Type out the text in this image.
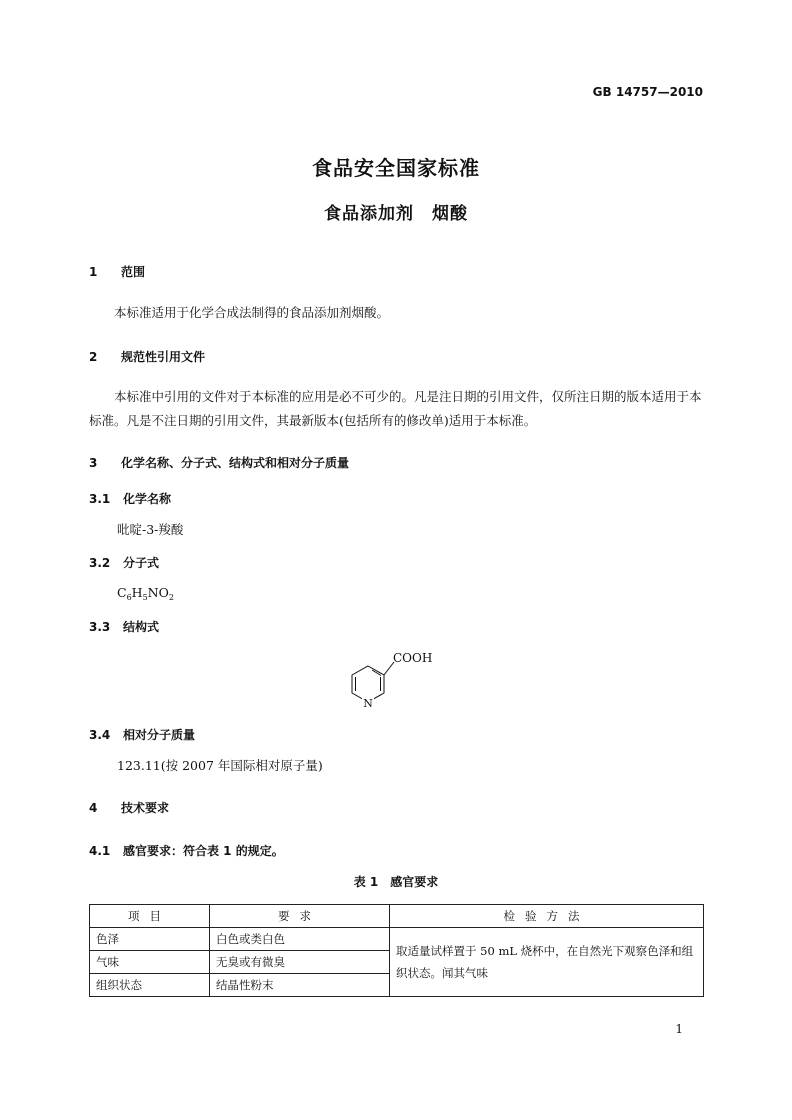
GB 14757—2010
食品安全国家标准
食品添加剂　烟酸
1 范围
本标准适用于化学合成法制得的食品添加剂烟酸。
2 规范性引用文件
本标准中引用的文件对于本标准的应用是必不可少的。凡是注日期的引用文件，仅所注日期的版本适用于本标准。凡是不注日期的引用文件，其最新版本(包括所有的修改单)适用于本标准。
3 化学名称、分子式、结构式和相对分子质量
3.1 化学名称
吡啶-3-羧酸
3.2 分子式
$C_6H_5NO_2$
3.3 结构式
N
COOH
3.4 相对分子质量
123.11(按 2007 年国际相对原子量)
4 技术要求
4.1 感官要求：符合表 1 的规定。
表 1　感官要求
项目	要求	检验方法
色泽	白色或类白色	取适量试样置于 50 mL 烧杯中，在自然光下观察色泽和组织状态。闻其气味
气味	无臭或有微臭	
组织状态	结晶性粉末	
1
